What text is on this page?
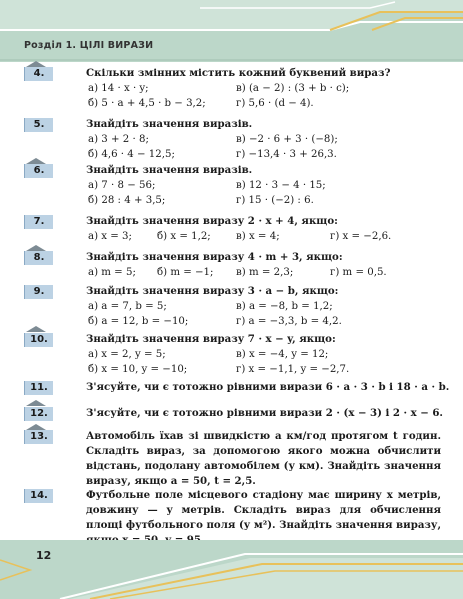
Розділ 1. ЦІЛІ ВИРАЗИ
4.	Скільки змінних містить кожний буквений вираз?
а) 14 · x · y;	в) (a − 2) : (3 + b · c);
б) 5 · a + 4,5 · b − 3,2;	г) 5,6 · (d − 4).
5.	Знайдіть значення виразів.
а) 3 + 2 · 8;	в) −2 · 6 + 3 · (−8);
б) 4,6 · 4 − 12,5;	г) −13,4 · 3 + 26,3.
6.	Знайдіть значення виразів.
а) 7 · 8 − 56;	в) 12 · 3 − 4 · 15;
б) 28 : 4 + 3,5;	г) 15 · (−2) : 6.
7.	Знайдіть значення виразу 2 · x + 4, якщо:
а) x = 3; б) x = 1,2; в) x = 4;	г) x = −2,6.
8.	Знайдіть значення виразу 4 · m + 3, якщо:
а) m = 5; б) m = −1; в) m = 2,3;	г) m = 0,5.
9.	Знайдіть значення виразу 3 · a − b, якщо:
а) a = 7, b = 5;	в) a = −8, b = 1,2;
б) a = 12, b = −10;	г) a = −3,3, b = 4,2.
10.	Знайдіть значення виразу 7 · x − y, якщо:
а) x = 2, y = 5;	в) x = −4, y = 12;
б) x = 10, y = −10;	г) x = −1,1, y = −2,7.
11.	З'ясуйте, чи є тотожно рівними вирази 6 · a · 3 · b і 18 · a · b.
12.	З'ясуйте, чи є тотожно рівними вирази 2 · (x − 3) і 2 · x − 6.
13.	Автомобіль їхав зі швидкістю a км/год протягом t годин. Складіть вираз, за допомогою якого можна обчислити відстань, подолану автомобілем (у км). Знайдіть значення виразу, якщо a = 50, t = 2,5.
14.	Футбольне поле місцевого стадіону має ширину x метрів, довжину — y метрів. Складіть вираз для обчислення площі футбольного поля (у м²). Знайдіть значення виразу,
12
